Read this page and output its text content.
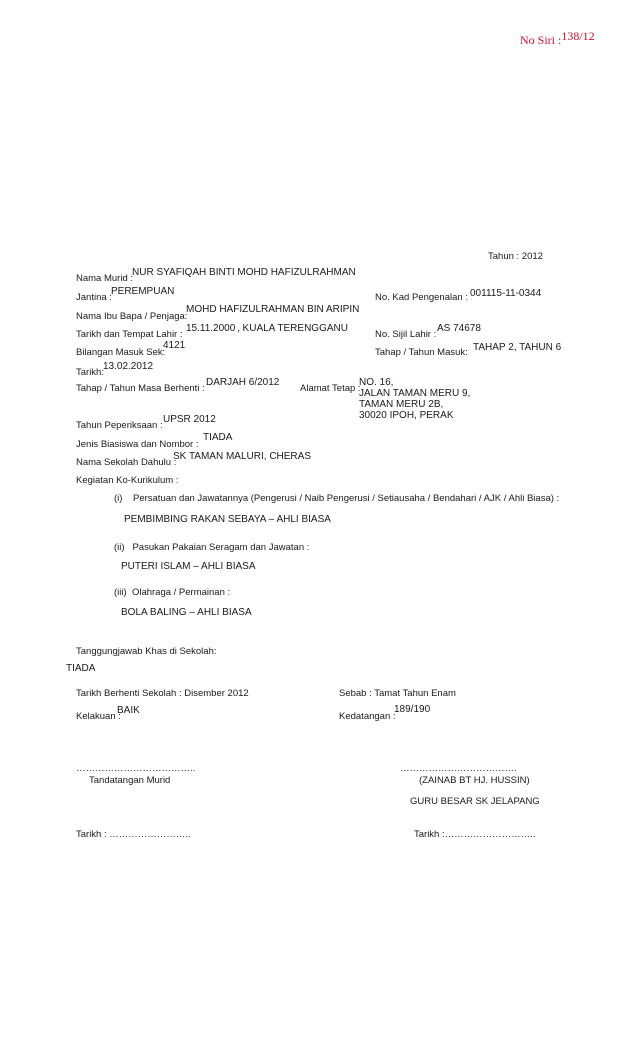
No Siri :138/12
Tahun : 2012
Nama Murid :
NUR SYAFIQAH BINTI MOHD HAFIZULRAHMAN
Jantina :
PEREMPUAN
No. Kad Pengenalan : 001115-11-0344
Nama Ibu Bapa / Penjaga:
MOHD HAFIZULRAHMAN BIN ARIPIN
Tarikh dan Tempat Lahir :
15.11.2000 , KUALA TERENGGANU
No. Sijil Lahir :
AS 74678
Bilangan Masuk Sek:
4121
Tahap / Tahun Masuk: TAHAP 2, TAHUN 6
Tarikh:
13.02.2012
Tahap / Tahun Masa Berhenti :
DARJAH 6/2012
Alamat Tetap :
NO. 16,
JALAN TAMAN MERU 9,
TAMAN MERU 2B,
30020 IPOH, PERAK
Tahun Peperiksaan :
UPSR 2012
Jenis Biasiswa dan Nombor :
TIADA
Nama Sekolah Dahulu :
SK TAMAN MALURI, CHERAS
Kegiatan Ko-Kurikulum :
(i)    Persatuan dan Jawatannya (Pengerusi / Naib Pengerusi / Setiausaha / Bendahari / AJK / Ahli Biasa) :
PEMBIMBING RAKAN SEBAYA – AHLI BIASA
(ii)   Pasukan Pakaian Seragam dan Jawatan :
PUTERI ISLAM – AHLI BIASA
(iii)  Olahraga / Permainan :
BOLA BALING – AHLI BIASA
Tanggungjawab Khas di Sekolah:
TIADA
Tarikh Berhenti Sekolah : Disember 2012	Sebab : Tamat Tahun Enam
Kelakuan :
BAIK
Kedatangan :
189/190
………………………………..
Tandatangan Murid
……………………………….
(ZAINAB BT HJ. HUSSIN)
GURU BESAR SK JELAPANG
Tarikh : ……………………..	Tarikh :………………………..
